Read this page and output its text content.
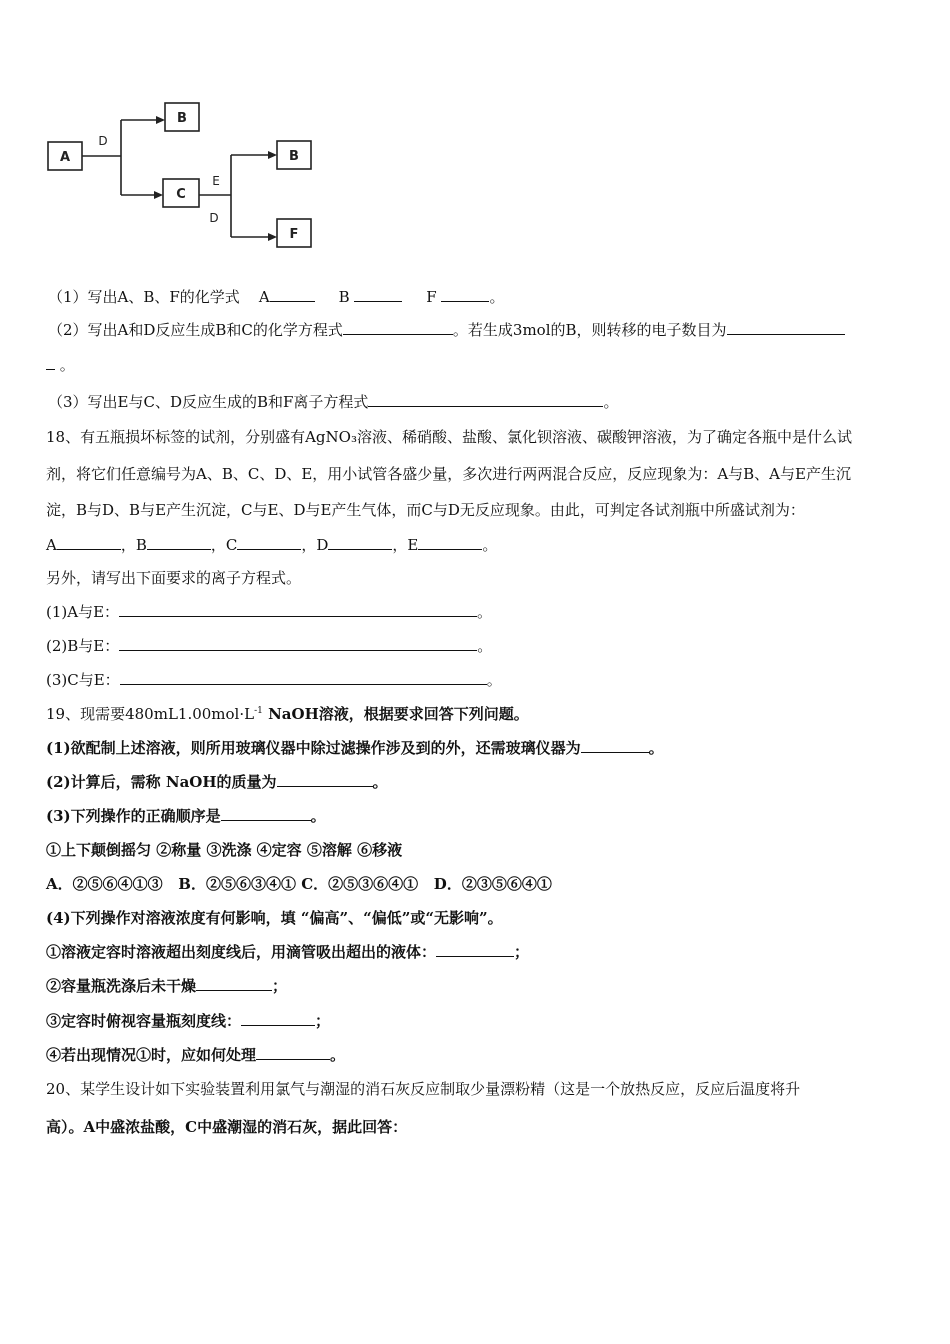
A
B
C
B
F
D
E
D
（1）写出A、B、F的化学式 A	B	F	。
（2）写出A和D反应生成B和C的化学方程式	。若生成3mol的B，则转移的电子数目为
。
（3）写出E与C、D反应生成的B和F离子方程式	。
18、有五瓶损坏标签的试剂，分别盛有AgNO₃溶液、稀硝酸、盐酸、氯化钡溶液、碳酸钾溶液，为了确定各瓶中是什么试
剂，将它们任意编号为A、B、C、D、E，用小试管各盛少量，多次进行两两混合反应，反应现象为：A与B、A与E产生沉
淀，B与D、B与E产生沉淀，C与E、D与E产生气体，而C与D无反应现象。由此，可判定各试剂瓶中所盛试剂为：
A	，B	，C	，D	，E	。
另外，请写出下面要求的离子方程式。
(1)A与E：	。
(2)B与E：	。
(3)C与E：	。
19、现需要$480mL1.00mol\cdot L^{-1}$ NaOH溶液，根据要求回答下列问题。
(1)欲配制上述溶液，则所用玻璃仪器中除过滤操作涉及到的外，还需玻璃仪器为	。
(2)计算后，需称 NaOH的质量为	。
(3)下列操作的正确顺序是	。
①上下颠倒摇匀 ②称量 ③洗涤 ④定容 ⑤溶解 ⑥移液
A．②⑤⑥④①③   B．②⑤⑥③④① C．②⑤③⑥④①   D．②③⑤⑥④①
(4)下列操作对溶液浓度有何影响，填 “偏高”、“偏低”或“无影响”。
①溶液定容时溶液超出刻度线后，用滴管吸出超出的液体：	；
②容量瓶洗涤后未干燥	；
③定容时俯视容量瓶刻度线：	；
④若出现情况①时，应如何处理	。
20、某学生设计如下实验装置利用氯气与潮湿的消石灰反应制取少量漂粉精（这是一个放热反应，反应后温度将升
高）。A中盛浓盐酸，C中盛潮湿的消石灰，据此回答：
